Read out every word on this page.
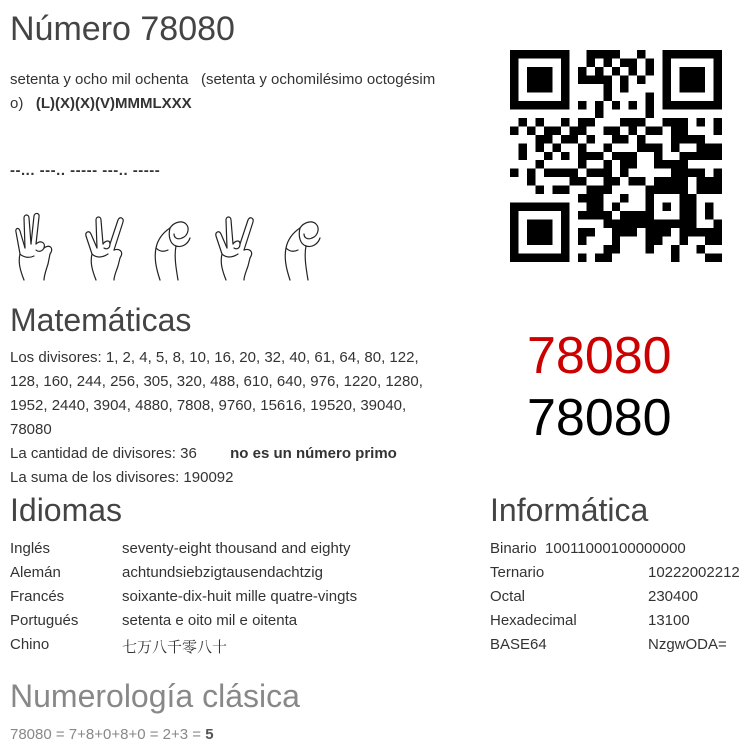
Número 78080
setenta y ocho mil ochenta (setenta y ochomilésimo octogésim
o) (L)(X)(X)(V)MMMLXXX
--... ---.. ----- ---.. -----
Matemáticas
Los divisores: 1, 2, 4, 5, 8, 10, 16, 20, 32, 40, 61, 64, 80, 122,
128, 160, 244, 256, 305, 320, 488, 610, 640, 976, 1220, 1280,
1952, 2440, 3904, 4880, 7808, 9760, 15616, 19520, 39040,
78080
La cantidad de divisores: 36 no es un número primo
La suma de los divisores: 190092
78080
78080
Idiomas
Inglés	seventy-eight thousand and eighty
Alemán	achtundsiebzigtausendachtzig
Francés	soixante-dix-huit mille quatre-vingts
Portugués	setenta e oito mil e oitenta
Chino	七万八千零八十
Informática
Binario 10011000100000000
Ternario	10222002212
Octal	230400
Hexadecimal	13100
BASE64	NzgwODA=
Numerología clásica
78080 = 7+8+0+8+0 = 2+3 = 5
